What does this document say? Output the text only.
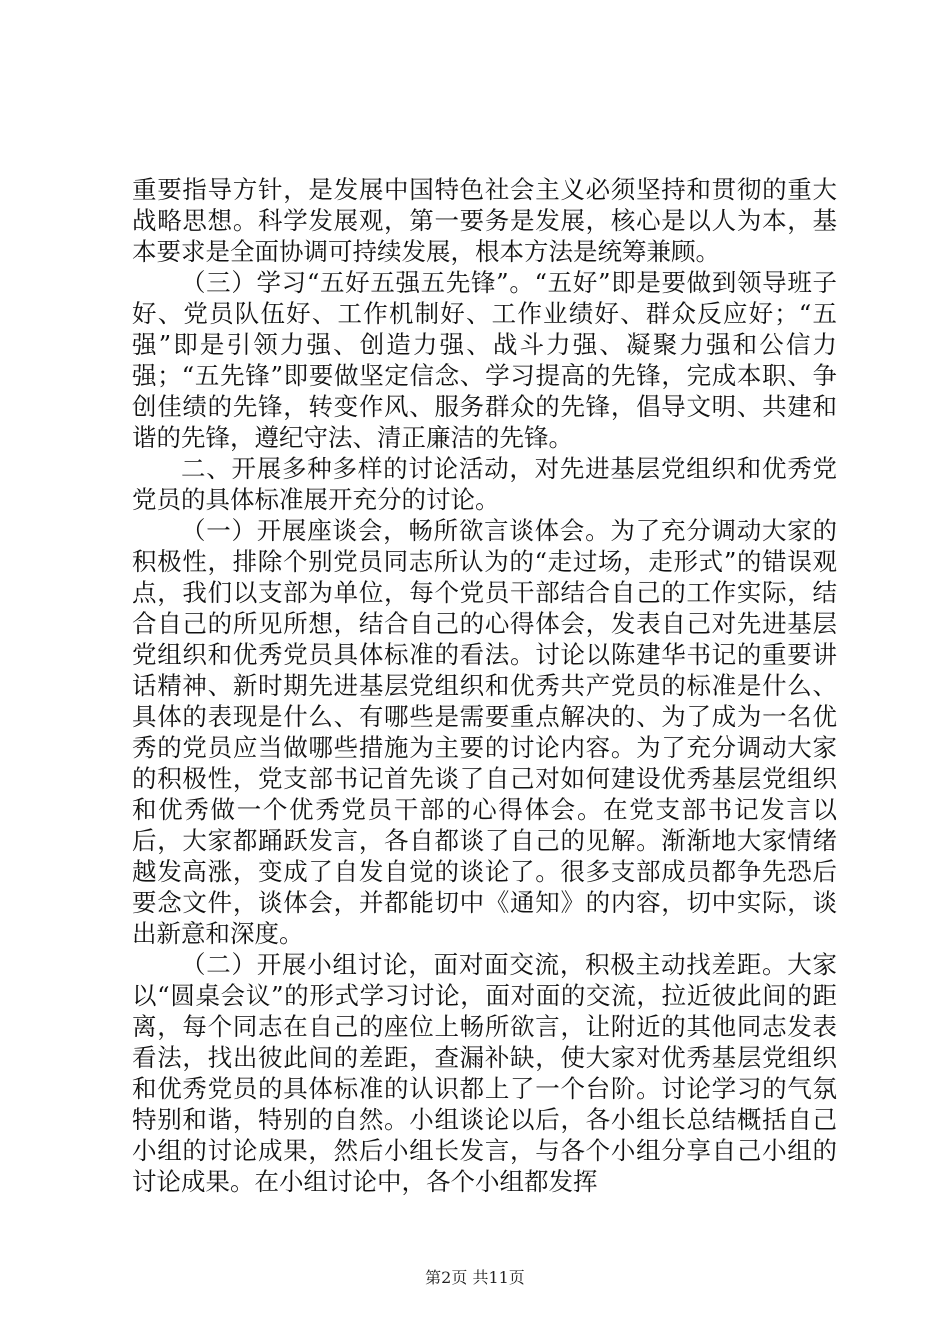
重要指导方针，是发展中国特色社会主义必须坚持和贯彻的重大战略思想。科学发展观，第一要务是发展，核心是以人为本，基本要求是全面协调可持续发展，根本方法是统筹兼顾。

（三）学习“五好五强五先锋”。“五好”即是要做到领导班子好、党员队伍好、工作机制好、工作业绩好、群众反应好；“五强”即是引领力强、创造力强、战斗力强、凝聚力强和公信力强；“五先锋”即要做坚定信念、学习提高的先锋，完成本职、争创佳绩的先锋，转变作风、服务群众的先锋，倡导文明、共建和谐的先锋，遵纪守法、清正廉洁的先锋。

二、开展多种多样的讨论活动，对先进基层党组织和优秀党党员的具体标准展开充分的讨论。

（一）开展座谈会，畅所欲言谈体会。为了充分调动大家的积极性，排除个别党员同志所认为的“走过场，走形式”的错误观点，我们以支部为单位，每个党员干部结合自己的工作实际，结合自己的所见所想，结合自己的心得体会，发表自己对先进基层党组织和优秀党员具体标准的看法。讨论以陈建华书记的重要讲话精神、新时期先进基层党组织和优秀共产党员的标准是什么、具体的表现是什么、有哪些是需要重点解决的、为了成为一名优秀的党员应当做哪些措施为主要的讨论内容。为了充分调动大家的积极性，党支部书记首先谈了自己对如何建设优秀基层党组织和优秀做一个优秀党员干部的心得体会。在党支部书记发言以后，大家都踊跃发言，各自都谈了自己的见解。渐渐地大家情绪越发高涨，变成了自发自觉的谈论了。很多支部成员都争先恐后要念文件，谈体会，并都能切中《通知》的内容，切中实际，谈出新意和深度。

（二）开展小组讨论，面对面交流，积极主动找差距。大家以“圆桌会议”的形式学习讨论，面对面的交流，拉近彼此间的距离，每个同志在自己的座位上畅所欲言，让附近的其他同志发表看法，找出彼此间的差距，查漏补缺，使大家对优秀基层党组织和优秀党员的具体标准的认识都上了一个台阶。讨论学习的气氛特别和谐，特别的自然。小组谈论以后，各小组长总结概括自己小组的讨论成果，然后小组长发言，与各个小组分享自己小组的讨论成果。在小组讨论中，各个小组都发挥

第2页 共11页
